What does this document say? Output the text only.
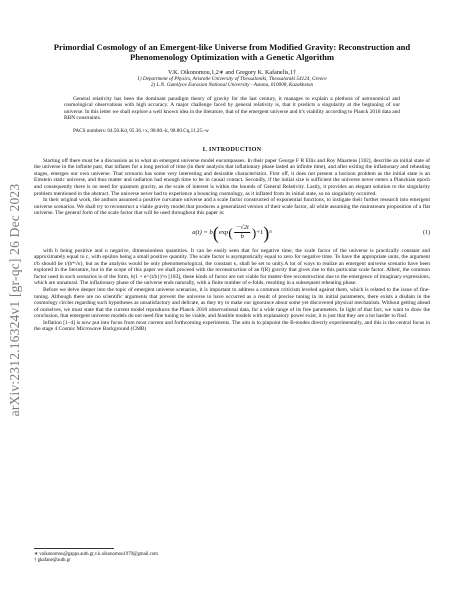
arXiv:2312.16324v1 [gr-qc] 26 Dec 2023
Primordial Cosmology of an Emergent-like Universe from Modified Gravity: Reconstruction and Phenomenology Optimization with a Genetic Algorithm
V.K. Oikonomou,1,2∗ and Gregory K. Kafanelis,1†
1) Department of Physics, Aristotle University of Thessaloniki, Thessaloniki 54124, Greece
2) L.N. Gumilyov Eurasian National University - Astana, 010008, Kazakhstan

General relativity has been the dominant paradigm theory of gravity for the last century, it manages to explain a plethora of astronomical and cosmological observations with high accuracy. A major challenge faced by general relativity is, that it predicts a singularity at the beginning of our universe. In this letter we shall explore a well known idea in the literature, that of the emergent universe and it's viability according to Planck 2018 data and BBN constraints.

PACS numbers: 04.50.Kd, 95.36.+x, 98.80.-k, 98.80.Cq,11.25.-w

I. INTRODUCTION

Starting off there must be a discussion as to what an emergent universe model encompasses. In their paper George F R Ellis and Roy Maartens [182], describe an initial state of the universe in the infinite past, that inflates for a long period of time (in their analysis that inflationary phase lasted an infinite time), and after exiting the inflationary and reheating stages, emerges our own universe. That scenario has some very interesting and desirable characteristics. First off, it does not present a horizon problem as the initial state is an Einstein static universe, and thus matter and radiation had enough time to be in causal contact. Secondly, if the initial size is sufficient the universe never enters a Planckian epoch and consequently there is no need for quantum gravity, as the scale of interest is within the bounds of General Relativity. Lastly, it provides an elegant solution to the singularity problem mentioned in the abstract. The universe never had to experience a bouncing cosmology, as it inflated from its initial state, so no singularity occurred.

In their original work, the authors assumed a positive curvature universe and a scale factor constructed of exponential functions, to instigate their further research into emergent universe scenarios. We shall try to reconstruct a viable gravity model that produces a generalized version of their scale factor, all while assuming the mainstream proposition of a flat universe. The general form of the scale factor that will be used throughout this paper is:

a(t) = b ( exp ( $\frac{-√2t}{b}$ ) +1 ) n	(1)

with b being positive and n negative, dimensionless quantities. It can be easily seen that for negative time, the scale factor of the universe is practically constant and approximately equal to c, with epsilon being a small positive quantity. The scale factor is asymptotically equal to zero for negative time. To have the appropriate units, the argument t/b should be t/(b*√κ), but as the analysis would be only phenomenological, the constant κ, shall be set to unity.A lot of ways to realize an emergent universe scenario have been explored in the literature, but in the scope of this paper we shall proceed with the reconstruction of an f(R) gravity that gives rise to this particular scale factor. Albeit, the common factor used in such scenarios is of the form, b(1 + e^{t/b})^n [183], these kinds of factor are not viable for matter-free reconstruction due to the emergence of imaginary expressions, which are unnatural. The inflationary phase of the universe ends naturally, with a finite number of e-folds, resulting in a subsequent reheating phase.

Before we delve deeper into the topic of emergent universe scenarios, it is important to address a common criticism leveled against them, which is related to the issue of fine-tuning. Although there are no scientific arguments that prevent the universe to have occurred as a result of precise tuning in its initial parameters, there exists a disdain in the cosmology circles regarding such hypotheses as unsatisfactory and delicate, as they try to make our ignorance about some yet discovered physical mechanism. Without getting ahead of ourselves, we must state that the current model reproduces the Planck 2018 observational data, for a wide range of its free parameters. In light of that fact, we want to draw the conclusion, that emergent universe models do not need fine tuning to be viable, and feasible models with explanatory power exist, it is just that they are a lot harder to find.

Inflation [1–4] is now put into focus from most current and forthcoming experiments. The aim is to pinpoint the B-modes directly experimentally, and this is the central focus in the stage 4 Cosmic Microwave Background (CMB)

∗ voikonomou@gapps.auth.gr,v.k.oikonomou1979@gmail.com
† gkafane@auth.gr
